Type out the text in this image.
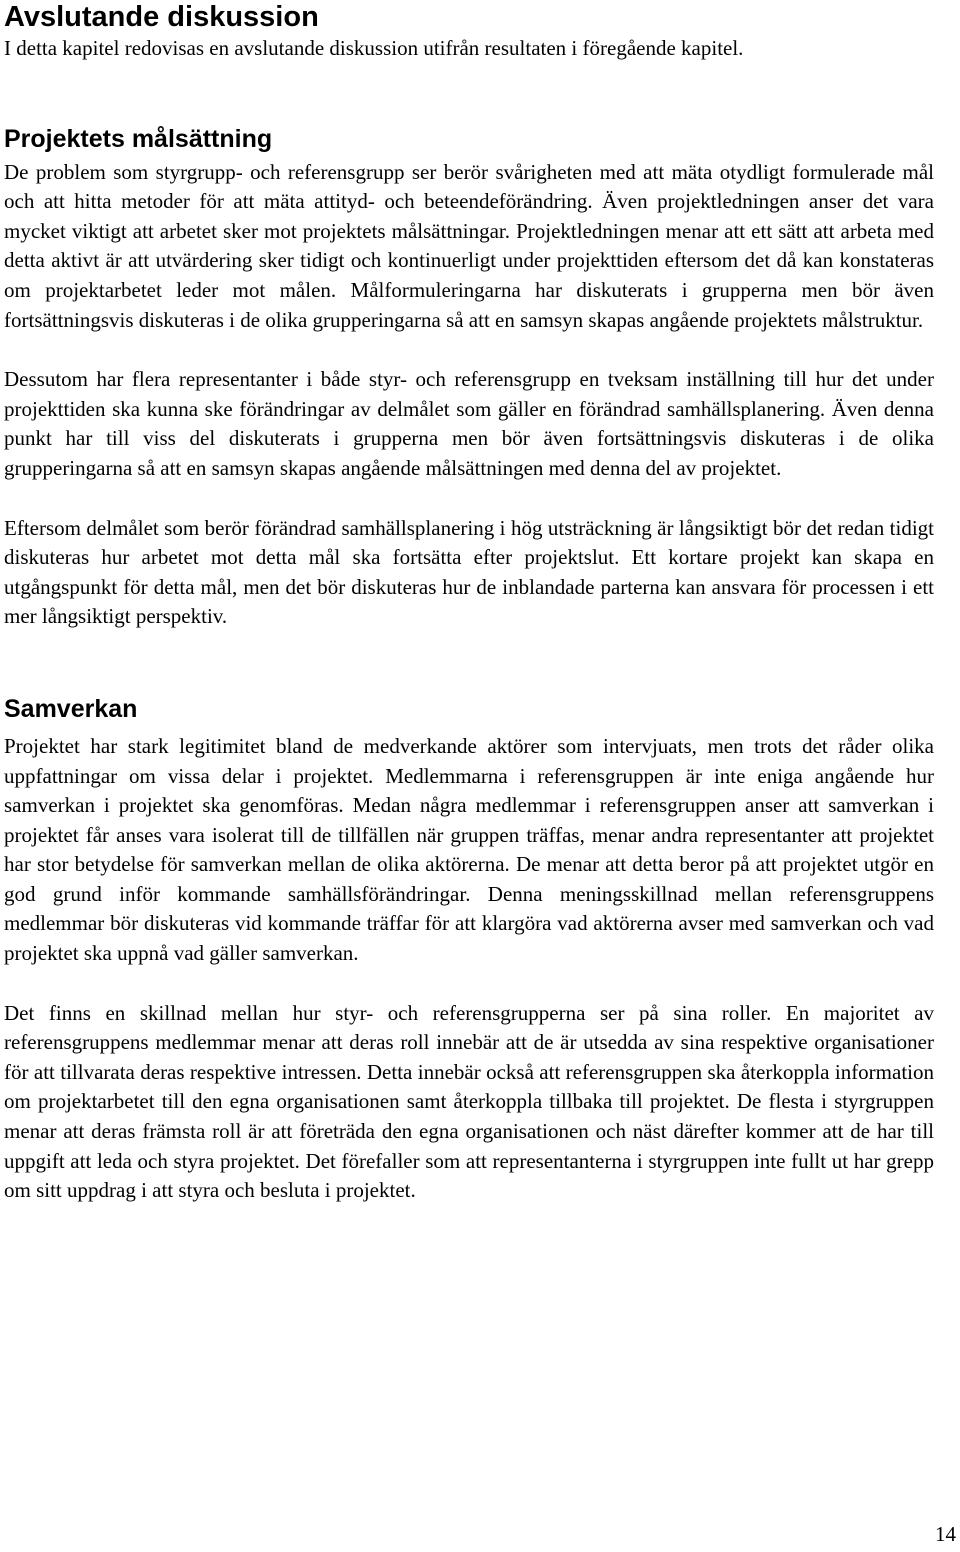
Avslutande diskussion

I detta kapitel redovisas en avslutande diskussion utifrån resultaten i föregående kapitel.

Projektets målsättning

De problem som styrgrupp- och referensgrupp ser berör svårigheten med att mäta otydligt formulerade mål och att hitta metoder för att mäta attityd- och beteendeförändring. Även projektledningen anser det vara mycket viktigt att arbetet sker mot projektets målsättningar. Projektledningen menar att ett sätt att arbeta med detta aktivt är att utvärdering sker tidigt och kontinuerligt under projekttiden eftersom det då kan konstateras om projektarbetet leder mot målen. Målformuleringarna har diskuterats i grupperna men bör även fortsättningsvis diskuteras i de olika grupperingarna så att en samsyn skapas angående projektets målstruktur.

Dessutom har flera representanter i både styr- och referensgrupp en tveksam inställning till hur det under projekttiden ska kunna ske förändringar av delmålet som gäller en förändrad samhällsplanering. Även denna punkt har till viss del diskuterats i grupperna men bör även fortsättningsvis diskuteras i de olika grupperingarna så att en samsyn skapas angående målsättningen med denna del av projektet.

Eftersom delmålet som berör förändrad samhällsplanering i hög utsträckning är långsiktigt bör det redan tidigt diskuteras hur arbetet mot detta mål ska fortsätta efter projektslut. Ett kortare projekt kan skapa en utgångspunkt för detta mål, men det bör diskuteras hur de inblandade parterna kan ansvara för processen i ett mer långsiktigt perspektiv.

Samverkan

Projektet har stark legitimitet bland de medverkande aktörer som intervjuats, men trots det råder olika uppfattningar om vissa delar i projektet. Medlemmarna i referensgruppen är inte eniga angående hur samverkan i projektet ska genomföras. Medan några medlemmar i referensgruppen anser att samverkan i projektet får anses vara isolerat till de tillfällen när gruppen träffas, menar andra representanter att projektet har stor betydelse för samverkan mellan de olika aktörerna. De menar att detta beror på att projektet utgör en god grund inför kommande samhällsförändringar. Denna meningsskillnad mellan referensgruppens medlemmar bör diskuteras vid kommande träffar för att klargöra vad aktörerna avser med samverkan och vad projektet ska uppnå vad gäller samverkan.

Det finns en skillnad mellan hur styr- och referensgrupperna ser på sina roller. En majoritet av referensgruppens medlemmar menar att deras roll innebär att de är utsedda av sina respektive organisationer för att tillvarata deras respektive intressen. Detta innebär också att referensgruppen ska återkoppla information om projektarbetet till den egna organisationen samt återkoppla tillbaka till projektet. De flesta i styrgruppen menar att deras främsta roll är att företräda den egna organisationen och näst därefter kommer att de har till uppgift att leda och styra projektet. Det förefaller som att representanterna i styrgruppen inte fullt ut har grepp om sitt uppdrag i att styra och besluta i projektet.

14
